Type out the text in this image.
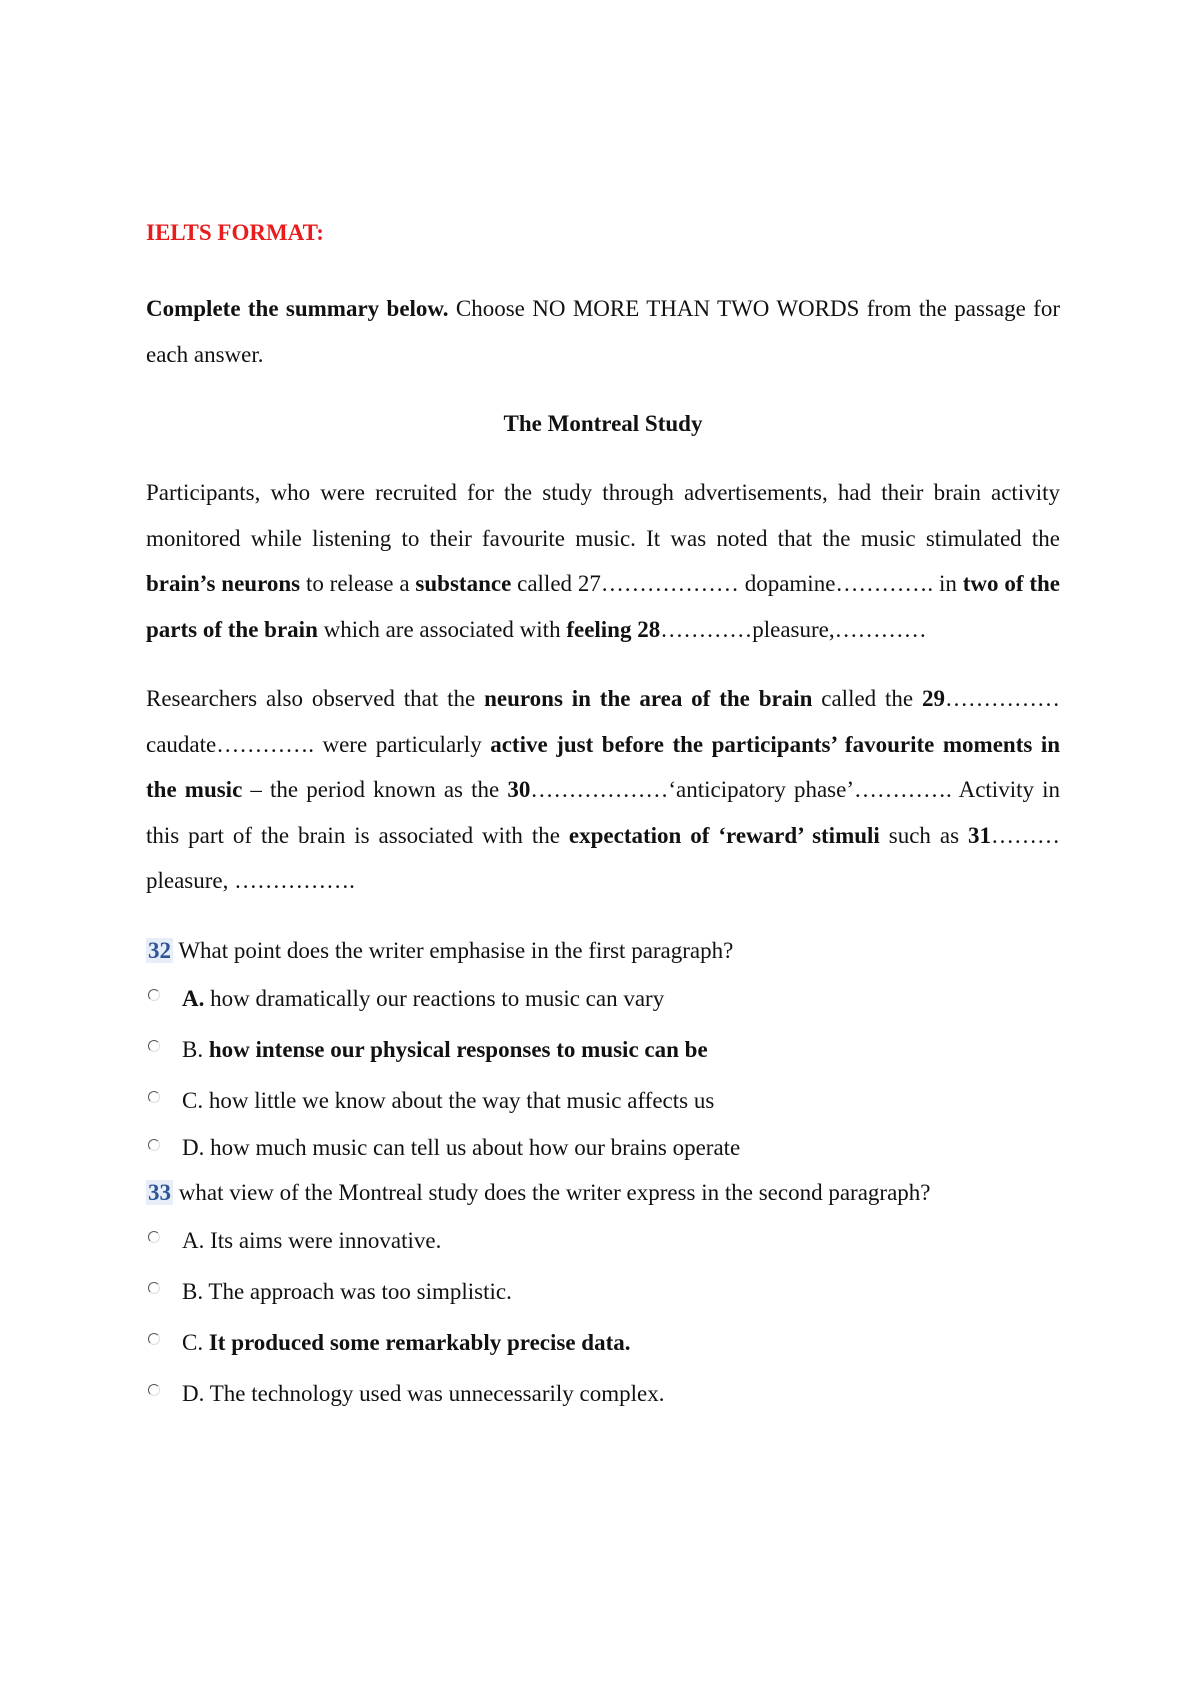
IELTS FORMAT:

Complete the summary below. Choose NO MORE THAN TWO WORDS from the passage for each answer.

The Montreal Study

Participants, who were recruited for the study through advertisements, had their brain activity monitored while listening to their favourite music. It was noted that the music stimulated the brain’s neurons to release a substance called 27……………… dopamine…………. in two of the parts of the brain which are associated with feeling 28…………pleasure,…………

Researchers also observed that the neurons in the area of the brain called the 29……………caudate…………. were particularly active just before the participants’ favourite moments in the music – the period known as the 30………………‘anticipatory phase’…………. Activity in this part of the brain is associated with the expectation of ‘reward’ stimuli such as 31………pleasure, …………….

32 What point does the writer emphasise in the first paragraph?

A. how dramatically our reactions to music can vary

B. how intense our physical responses to music can be

C. how little we know about the way that music affects us

D. how much music can tell us about how our brains operate

33 what view of the Montreal study does the writer express in the second paragraph?

A. Its aims were innovative.

B. The approach was too simplistic.

C. It produced some remarkably precise data.

D. The technology used was unnecessarily complex.
